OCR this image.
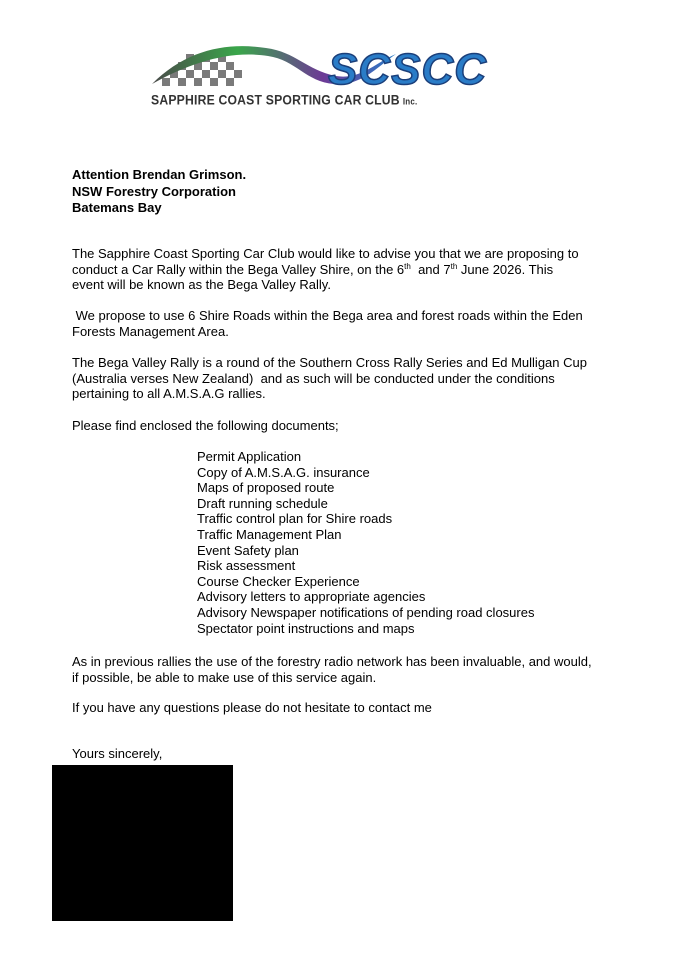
SCSCC
SAPPHIRE COAST SPORTING CAR CLUB Inc.
Attention Brendan Grimson.
NSW Forestry Corporation
Batemans Bay
The Sapphire Coast Sporting Car Club would like to advise you that we are proposing to
conduct a Car Rally within the Bega Valley Shire, on the 6th  and 7th June 2026. This
event will be known as the Bega Valley Rally.
We propose to use 6 Shire Roads within the Bega area and forest roads within the Eden
Forests Management Area.
The Bega Valley Rally is a round of the Southern Cross Rally Series and Ed Mulligan Cup
(Australia verses New Zealand)  and as such will be conducted under the conditions
pertaining to all A.M.S.A.G rallies.
Please find enclosed the following documents;
Permit Application
Copy of A.M.S.A.G. insurance
Maps of proposed route
Draft running schedule
Traffic control plan for Shire roads
Traffic Management Plan
Event Safety plan
Risk assessment
Course Checker Experience
Advisory letters to appropriate agencies
Advisory Newspaper notifications of pending road closures
Spectator point instructions and maps
As in previous rallies the use of the forestry radio network has been invaluable, and would,
if possible, be able to make use of this service again.
If you have any questions please do not hesitate to contact me
Yours sincerely,
